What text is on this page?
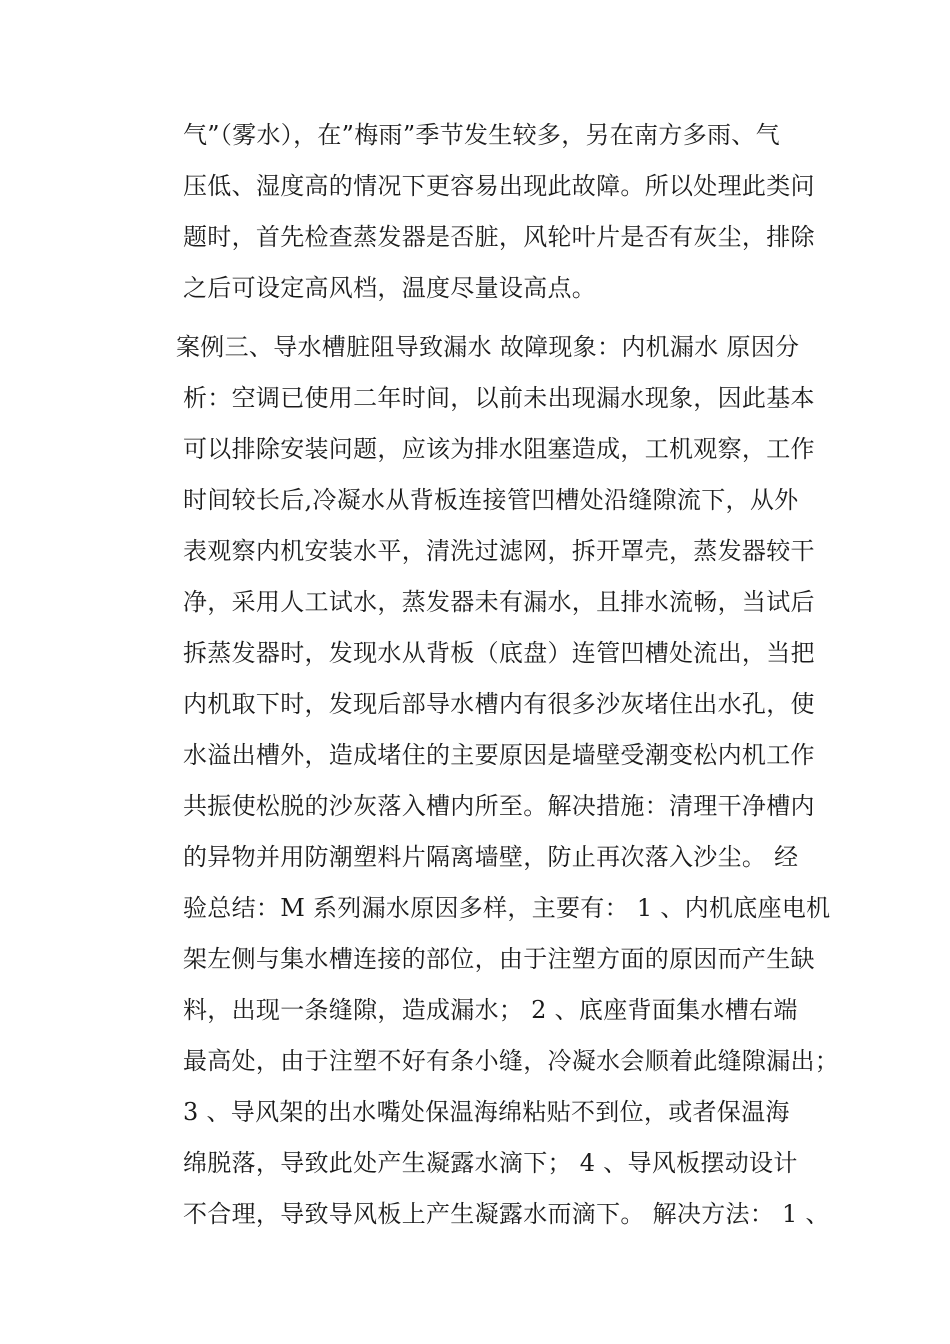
气”（雾水），在”梅雨”季节发生较多，另在南方多雨、气
压低、湿度高的情况下更容易出现此故障。所以处理此类问
题时，首先检查蒸发器是否脏，风轮叶片是否有灰尘，排除
之后可设定高风档，温度尽量设高点。
案例三、导水槽脏阻导致漏水 故障现象：内机漏水 原因分
析：空调已使用二年时间，以前未出现漏水现象，因此基本
可以排除安装问题，应该为排水阻塞造成，工机观察，工作
时间较长后,冷凝水从背板连接管凹槽处沿缝隙流下，从外
表观察内机安装水平，清洗过滤网，拆开罩壳，蒸发器较干
净，采用人工试水，蒸发器未有漏水，且排水流畅，当试后
拆蒸发器时，发现水从背板（底盘）连管凹槽处流出，当把
内机取下时，发现后部导水槽内有很多沙灰堵住出水孔，使
水溢出槽外，造成堵住的主要原因是墙壁受潮变松内机工作
共振使松脱的沙灰落入槽内所至。解决措施：清理干净槽内
的异物并用防潮塑料片隔离墙壁，防止再次落入沙尘。 经
验总结：M 系列漏水原因多样，主要有： 1 、内机底座电机
架左侧与集水槽连接的部位，由于注塑方面的原因而产生缺
料，出现一条缝隙，造成漏水； 2 、底座背面集水槽右端
最高处，由于注塑不好有条小缝，冷凝水会顺着此缝隙漏出；
3 、导风架的出水嘴处保温海绵粘贴不到位，或者保温海
绵脱落，导致此处产生凝露水滴下； 4 、导风板摆动设计
不合理，导致导风板上产生凝露水而滴下。 解决方法： 1 、
